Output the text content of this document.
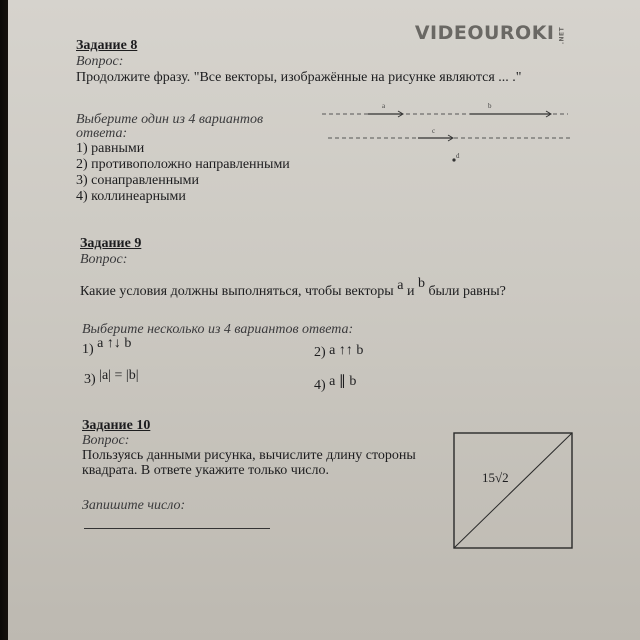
VIDEOUROKI .NET
Задание 8
Вопрос:
Продолжите фразу. "Все векторы, изображённые на рисунке являются ... ."
Выберите один из 4 вариантов
ответа:
1) равными
2) противоположно направленными
3) сонаправленными
4) коллинеарными
a	b
c
d
Задание 9
Вопрос:
Какие условия должны выполняться, чтобы векторы a и b были равны?
Выберите несколько из 4 вариантов ответа:
1) a ↑↓ b
2) a ↑↑ b
3) |a| = |b|
4) a ∥ b
Задание 10
Вопрос:
Пользуясь данными рисунка, вычислите длину стороны
квадрата. В ответе укажите только число.
Запишите число:
15√2
